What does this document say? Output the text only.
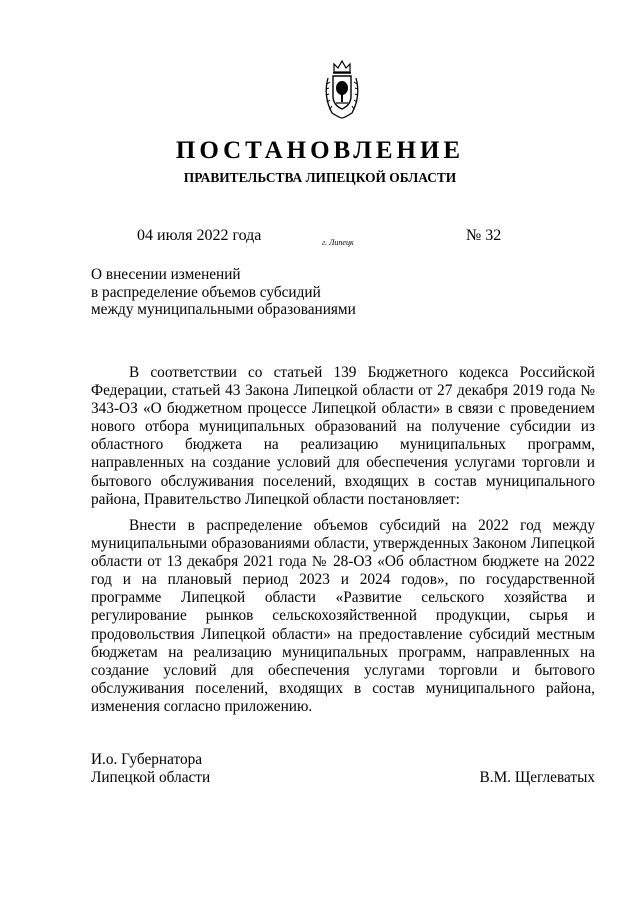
ПОСТАНОВЛЕНИЕ
ПРАВИТЕЛЬСТВА ЛИПЕЦКОЙ ОБЛАСТИ
04 июля 2022 года	г. Липецк	№ 32
О внесении изменений
в распределение объемов субсидий
между муниципальными образованиями

В соответствии со статьей 139 Бюджетного кодекса Российской Федерации, статьей 43 Закона Липецкой области от 27 декабря 2019 года № 343-ОЗ «О бюджетном процессе Липецкой области» в связи с проведением нового отбора муниципальных образований на получение субсидии из областного бюджета на реализацию муниципальных программ, направленных на создание условий для обеспечения услугами торговли и бытового обслуживания поселений, входящих в состав муниципального района, Правительство Липецкой области постановляет:

Внести в распределение объемов субсидий на 2022 год между муниципальными образованиями области, утвержденных Законом Липецкой области от 13 декабря 2021 года № 28-ОЗ «Об областном бюджете на 2022 год и на плановый период 2023 и 2024 годов», по государственной программе Липецкой области «Развитие сельского хозяйства и регулирование рынков сельскохозяйственной продукции, сырья и продовольствия Липецкой области» на предоставление субсидий местным бюджетам на реализацию муниципальных программ, направленных на создание условий для обеспечения услугами торговли и бытового обслуживания поселений, входящих в состав муниципального района, изменения согласно приложению.

И.о. Губернатора
Липецкой области	В.М. Щеглеватых
